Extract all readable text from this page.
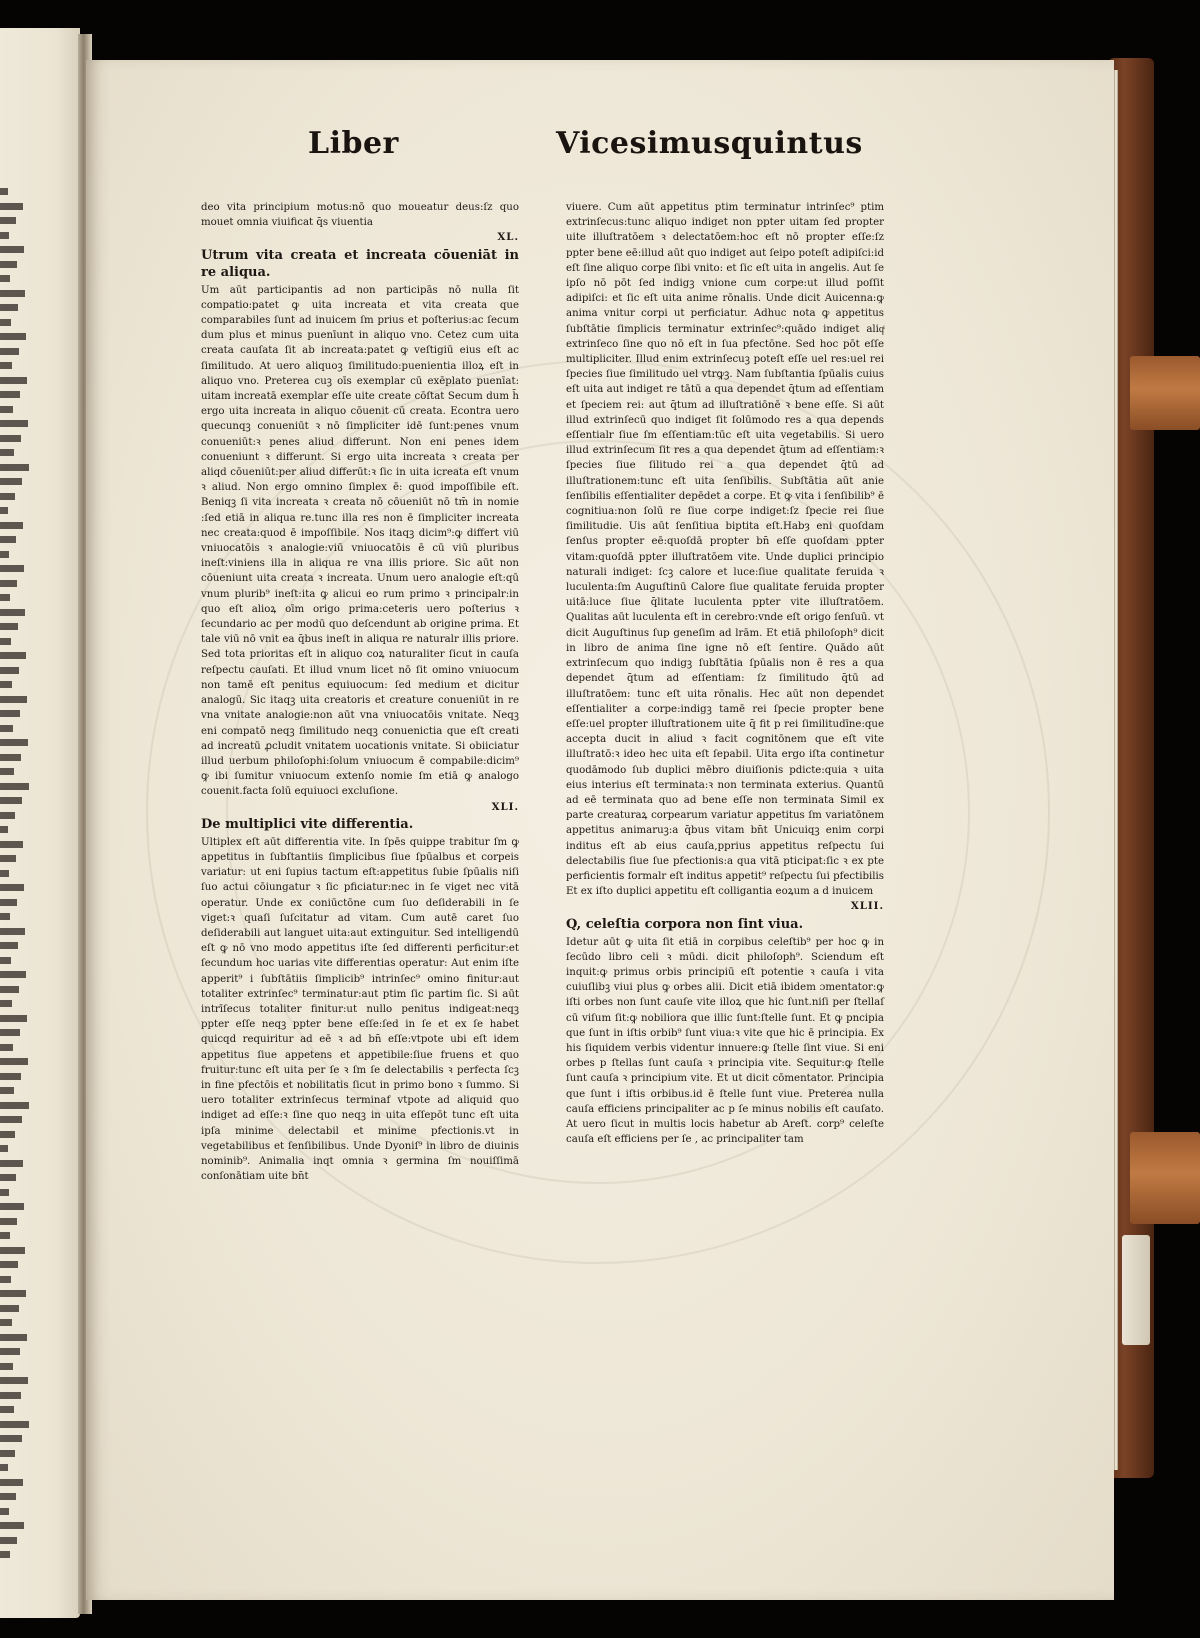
Liber	Vicesimusquintus

deo vita principium motus:nō quo moueatur deus:ſz quo mouet omnia viuificat q̄s viuentia

XL.

Utrum vita creata et increata cōueniāt in re aliqua.

Um aūt participantis ad non participās nō nulla ſit compatio:patet ꝙ uita increata et vita creata que comparabiles ſunt ad inuicem ſm prius et poſterius:ac ſecum dum plus et minus puenīunt in aliquo vno. Cetez cum uita creata cauſata ſit ab increata:patet ꝙ veſtigiū eius eſt ac ſimilitudo. At uero aliquoꝫ ſimilitudo:puenientia illoꝝ eſt in aliquo vno. Preterea cuꝫ oīs exemplar cū exēplato puenīat: uitam increatā exemplar eſſe uite create cōſtat Secum dum h̄ ergo uita increata in aliquo cōuenit cū creata. Econtra uero quecunqꝫ conueniūt ꝛ nō ſimpliciter idē ſunt:penes vnum conueniūt:ꝛ penes aliud differunt. Non eni penes idem conueniunt ꝛ differunt. Si ergo uita increata ꝛ creata per aliqd cōueniūt:per aliud differūt:ꝛ ſic in uita icreata eſt vnum ꝛ aliud. Non ergo omnino ſimplex ē: quod impoſſibile eſt. Beniqꝫ ſi vita increata ꝛ creata nō cōueniūt nō tm̄ in nomie :ſed etiā in aliqua re.tunc illa res non ē ſimpliciter increata nec creata:quod ē impoſſibile. Nos itaqꝫ dicim⁹:ꝙ differt viū vniuocatōis ꝛ analogie:viū vniuocatōis ē cū viū pluribus ineſt:viniens illa in aliqua re vna illis priore. Sic aūt non cōueniunt uita creata ꝛ increata. Unum uero analogie eſt:qū vnum plurib⁹ ineſt:ita ꝙ alicui eo rum primo ꝛ principalr:in quo eſt alioꝝ oīm origo prima:ceteris uero poſterius ꝛ ſecundario ac per modū quo deſcendunt ab origine prima. Et tale viū nō vnit ea q̄bus ineſt in aliqua re naturalr illis priore. Sed tota prioritas eſt in aliquo coꝝ naturaliter ſicut in cauſa reſpectu cauſati. Et illud vnum licet nō ſit omino vniuocum non tamē eſt penitus equiuocum: ſed medium et dicitur analogū. Sic itaqꝫ uita creatoris et creature conueniūt in re vna vnitate analogie:non aūt vna vniuocatōis vnitate. Neqꝫ eni compatō neqꝫ ſimilitudo neqꝫ conuenictia que eſt creati ad increatū ꝓcludit vnitatem uocationis vnitate. Si obiiciatur illud uerbum philoſophi:ſolum vniuocum ē compabile:dicim⁹ ꝙ ibi ſumitur vniuocum extenſo nomie ſm etiā ꝙ analogo couenit.facta ſolū equiuoci excluſione.

XLI.

De multiplici vite differentia.

Ultiplex eſt aūt differentia vite. In ſpēs quippe trabitur ſm ꝙ appetitus in ſubſtantiis ſimplicibus ſiue ſpūalbus et corpeis variatur: ut eni ſupius tactum eſt:appetitus ſubie ſpūalis niſi ſuo actui cōiungatur ꝛ ſic pficiatur:nec in ſe viget nec vitā operatur. Unde ex coniūctōne cum ſuo deſiderabili in ſe viget:ꝛ quaſi ſuſcitatur ad vitam. Cum autē caret ſuo deſiderabili aut languet uita:aut extinguitur. Sed intelligendū eſt ꝙ nō vno modo appetitus iſte ſed differenti perficitur:et ſecundum hoc uarias vite differentias operatur: Aut enim iſte apperit⁹ i ſubſtātiis ſimplicib⁹ intrinſec⁹ omino finitur:aut totaliter extrinſec⁹ terminatur:aut ptim ſic partim ſic. Si aūt intrīſecus totaliter finitur:ut nullo penitus indigeat:neqꝫ ppter eſſe neqꝫ ppter bene eſſe:ſed in ſe et ex ſe habet quicqd requiritur ad eē ꝛ ad bn̄ eſſe:vtpote ubi eſt idem appetitus ſiue appetens et appetibile:ſiue fruens et quo fruitur:tunc eſt uita per ſe ꝛ ſm ſe delectabilis ꝛ perfecta ſcꝫ in fine pfectōis et nobilitatis ſicut in primo bono ꝛ ſummo. Si uero totaliter extrinſecus terminaf vtpote ad aliquid quo indiget ad eſſe:ꝛ ſine quo neqꝫ in uita eſſepōt tunc eſt uita ipſa minime delectabil et minime pfectionis.vt in vegetabilibus et ſenſibilibus. Unde Dyoniſ⁹ in libro de diuinis nominib⁹. Animalia inqt omnia ꝛ germina ſm nouiſſimā conſonātiam uite bn̄t

viuere. Cum aūt appetitus ptim terminatur intrinſec⁹ ptim extrinſecus:tunc aliquo indiget non ppter uitam ſed propter uite illuſtratōem ꝛ delectatōem:hoc eſt nō propter eſſe:ſz ppter bene eē:illud aūt quo indiget aut ſeipo poteſt adipiſci:id eſt ſine aliquo corpe ſibi vnito: et ſic eſt uita in angelis. Aut ſe ipſo nō pōt ſed indigꝫ vnione cum corpe:ut illud poſſit adipiſci: et ſic eſt uita anime rōnalis. Unde dicit Auicenna:ꝙ anima vnitur corpi ut perficiatur. Adhuc nota ꝙ appetitus ſubſtātie ſimplicis terminatur extrinſec⁹:quādo indiget aliqͥ extrinſeco ſine quo nō eſt in ſua pfectōne. Sed hoc pōt eſſe multipliciter. Illud enim extrinſecuꝫ poteſt eſſe uel res:uel rei ſpecies ſiue ſimilitudo uel vtrꝙꝫ. Nam ſubſtantia ſpūalis cuius eſt uita aut indiget re tātū a qua dependet q̄tum ad eſſentiam et ſpeciem rei: aut q̄tum ad illuſtratiōnē ꝛ bene eſſe. Si aūt illud extrinſecū quo indiget ſit ſolūmodo res a qua depends eſſentialr ſiue ſm eſſentiam:tūc eſt uita vegetabilis. Si uero illud extrinſecum ſit res a qua dependet q̄tum ad eſſentiam:ꝛ ſpecies ſiue ſilitudo rei a qua dependet q̄tū ad illuſtrationem:tunc eſt uita ſenſibilis. Subſtātia aūt anie ſenſibilis eſſentialiter depēdet a corpe. Et ꝙ vita i ſenſibilib⁹ ē cognitiua:non ſolū re ſiue corpe indiget:ſz ſpecie rei ſiue ſimilitudie. Uis aūt ſenſitiua biptita eſt.Habȝ eni quoſdam ſenſus propter eē:quoſdā propter bn̄ eſſe quoſdam ppter vitam:quoſdā ppter illuſtratōem vite. Unde duplici principio naturali indiget: ſcꝫ calore et luce:ſiue qualitate feruida ꝛ luculenta:ſm Auguſtinū Calore ſiue qualitate feruida propter uitā:luce ſiue q̄litate luculenta ppter vite illuſtratōem. Qualitas aūt luculenta eſt in cerebro:vnde eſt origo ſenſuū. vt dicit Auguſtinus ſup geneſim ad lrām. Et etiā philoſoph⁹ dicit in libro de anima ſine igne nō eſt ſentire. Quādo aūt extrinſecum quo indigꝫ ſubſtātia ſpūalis non ē res a qua dependet q̄tum ad eſſentiam: ſz ſimilitudo q̄tū ad illuſtratōem: tunc eſt uita rōnalis. Hec aūt non dependet eſſentialiter a corpe:indigꝫ tamē rei ſpecie propter bene eſſe:uel propter illuſtrationem uite q̄ fit p rei ſimilitudīne:que accepta ducit in aliud ꝛ facit cognitōnem que eſt vite illuſtratō:ꝛ ideo hec uita eſt ſepabil. Uita ergo iſta continetur quodāmodo ſub duplici mēbro diuiſionis pdicte:quia ꝛ uita eius interius eſt terminata:ꝛ non terminata exterius. Quantū ad eē terminata quo ad bene eſſe non terminata Simil ex parte creaturaꝝ corpearum variatur appetitus ſm variatōnem appetitus animaruꝫ:a q̄bus vitam bn̄t Unicuiqꝫ enim corpi inditus eſt ab eius cauſa,pprius appetitus reſpectu ſui delectabilis ſiue ſue pfectionis:a qua vitā pticipat:ſic ꝛ ex pte perficientis formalr eſt inditus appetit⁹ reſpectu ſui pfectibilis Et ex iſto duplici appetitu eſt colligantia eoꝝum a d inuicem

XLII.

Q, celeſtia corpora non ſint viua.

Idetur aūt ꝙ uita ſit etiā in corpibus celeſtib⁹ per hoc ꝙ in ſecūdo libro celi ꝛ mūdi. dicit philoſoph⁹. Sciendum eſt inquit:ꝙ primus orbis principiū eſt potentie ꝛ cauſa i vita cuiuſlibꝫ viui plus ꝙ orbes alii. Dicit etiā ibidem ɔmentator:ꝙ iſti orbes non ſunt cauſe vite illoꝝ que hic ſunt.niſi per ſtellaſ cū viſum ſit:ꝙ nobiliora que illic ſunt:ſtelle ſunt. Et ꝙ pncipia que ſunt in iſtis orbib⁹ ſunt viua:ꝛ vite que hic ē principia. Ex his ſiquidem verbis videntur innuere:ꝙ ſtelle ſint viue. Si eni orbes p ſtellas ſunt cauſa ꝛ principia vite. Sequitur:ꝙ ſtelle ſunt cauſa ꝛ principium vite. Et ut dicit cōmentator. Principia que ſunt i iſtis orbibus.id ē ſtelle ſunt viue. Preterea nulla cauſa efficiens principaliter ac p ſe minus nobilis eſt cauſato. At uero ſicut in multis locis habetur ab Areſt. corp⁹ celeſte cauſa eſt efficiens per ſe , ac principaliter tam
